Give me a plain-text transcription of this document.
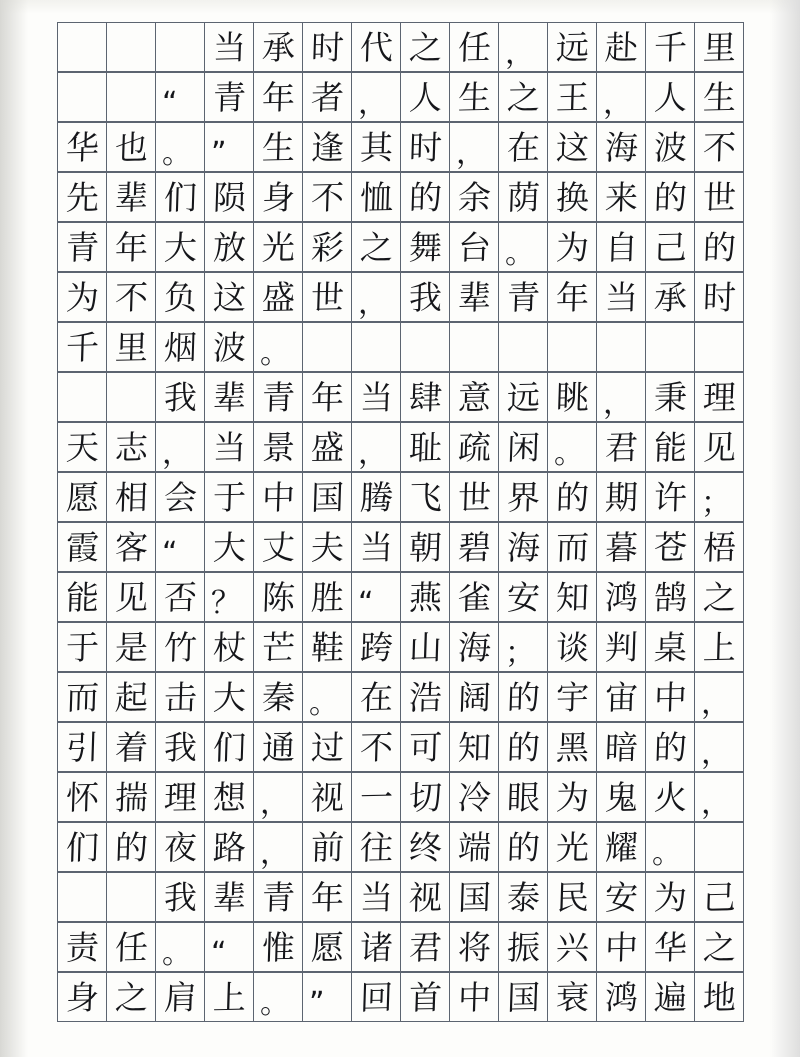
当 承 时 代 之 任 ， 远 赴 千 里
“ 青 年 者 ， 人 生 之 王 ， 人 生
华 也 。 ” 生 逢 其 时 ， 在 这 海 波 不
先 辈 们 陨 身 不 恤 的 余 荫 换 来 的 世
青 年 大 放 光 彩 之 舞 台 。 为 自 己 的
为 不 负 这 盛 世 ， 我 辈 青 年 当 承 时
千 里 烟 波 。
我 辈 青 年 当 肆 意 远 眺 ， 秉 理
天 志 ， 当 景 盛 ， 耻 疏 闲 。 君 能 见
愿 相 会 于 中 国 腾 飞 世 界 的 期 许 ；
霞 客 “ 大 丈 夫 当 朝 碧 海 而 暮 苍 梧
能 见 否 ？ 陈 胜 “ 燕 雀 安 知 鸿 鹄 之
于 是 竹 杖 芒 鞋 跨 山 海 ； 谈 判 桌 上
而 起 击 大 秦 。 在 浩 阔 的 宇 宙 中 ，
引 着 我 们 通 过 不 可 知 的 黑 暗 的 ，
怀 揣 理 想 ， 视 一 切 冷 眼 为 鬼 火 ，
们 的 夜 路 ， 前 往 终 端 的 光 耀 。
我 辈 青 年 当 视 国 泰 民 安 为 己
责 任 。 “ 惟 愿 诸 君 将 振 兴 中 华 之
身 之 肩 上 。 ” 回 首 中 国 衰 鸿 遍 地
